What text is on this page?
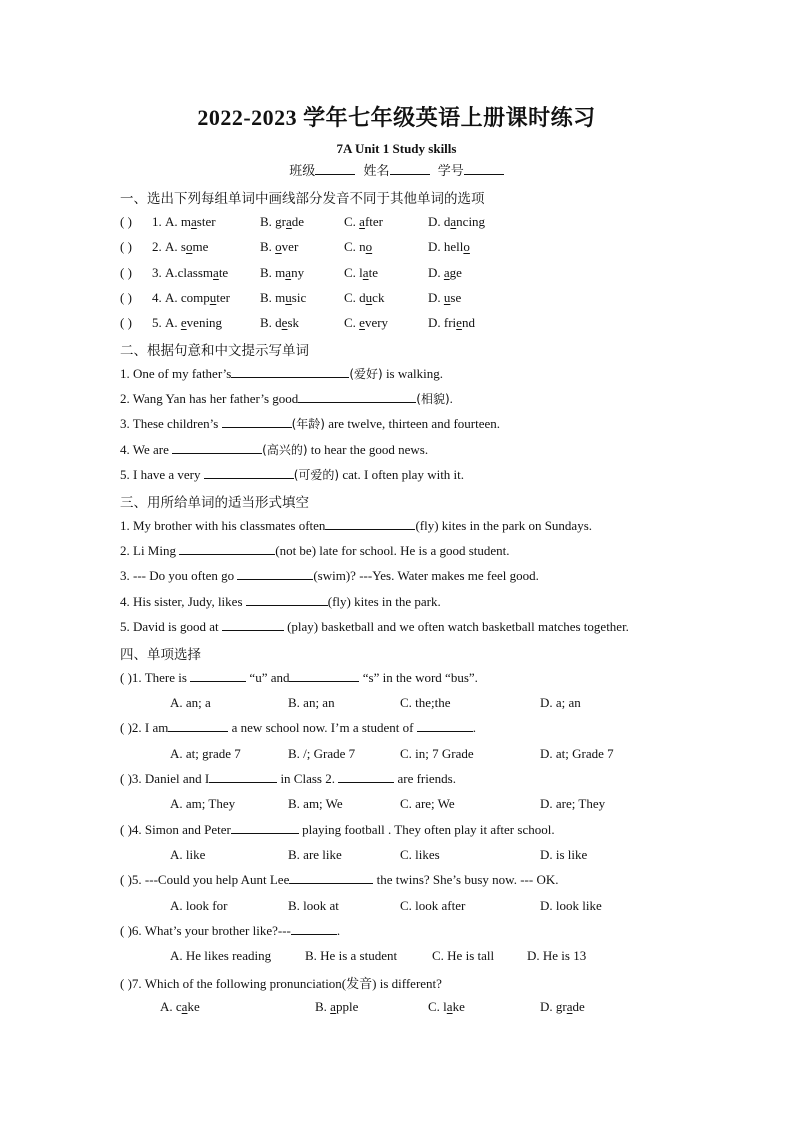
2022-2023 学年七年级英语上册课时练习
7A Unit 1 Study skills
班级	姓名	学号
一、选出下列每组单词中画线部分发音不同于其他单词的选项
( ) 1. A. master	B. grade	C. after	D. dancing
( ) 2. A. some	B. over	C. no	D. hello
( ) 3. A.classmate B. many	C. late	D. age
( ) 4. A. computer B. music	C. duck	D. use
( ) 5. A. evening	B. desk	C. every	D. friend
二、根据句意和中文提示写单词
1. One of my father’s	(爱好) is walking.
2. Wang Yan has her father’s good	(相貌).
3. These children’s	(年龄) are twelve, thirteen and fourteen.
4. We are	(高兴的) to hear the good news.
5. I have a very	(可爱的) cat. I often play with it.
三、用所给单词的适当形式填空
1. My brother with his classmates often	(fly) kites in the park on Sundays.
2. Li Ming	(not be) late for school. He is a good student.
3. --- Do you often go	(swim)? ---Yes. Water makes me feel good.
4. His sister, Judy, likes	(fly) kites in the park.
5. David is good at	(play) basketball and we often watch basketball matches together.
四、单项选择
( )1. There is	“u” and	“s” in the word “bus”.
A. an; a	B. an; an	C. the;the	D. a; an
( )2. I am	a new school now. I’m a student of	.
A. at; grade 7	B. /; Grade 7	C. in; 7 Grade	D. at; Grade 7
( )3. Daniel and I	in Class 2.	are friends.
A. am; They	B. am; We	C. are; We	D. are; They
( )4. Simon and Peter	playing football . They often play it after school.
A. like	B. are like	C. likes	D. is like
( )5. ---Could you help Aunt Lee	the twins? She’s busy now. --- OK.
A. look for	B. look at	C. look after	D. look like
( )6. What’s your brother like?---	.
A. He likes reading	B. He is a student	C. He is tall	D. He is 13
( )7. Which of the following pronunciation(发音) is different?
A. cake	B. apple	C. lake	D. grade
